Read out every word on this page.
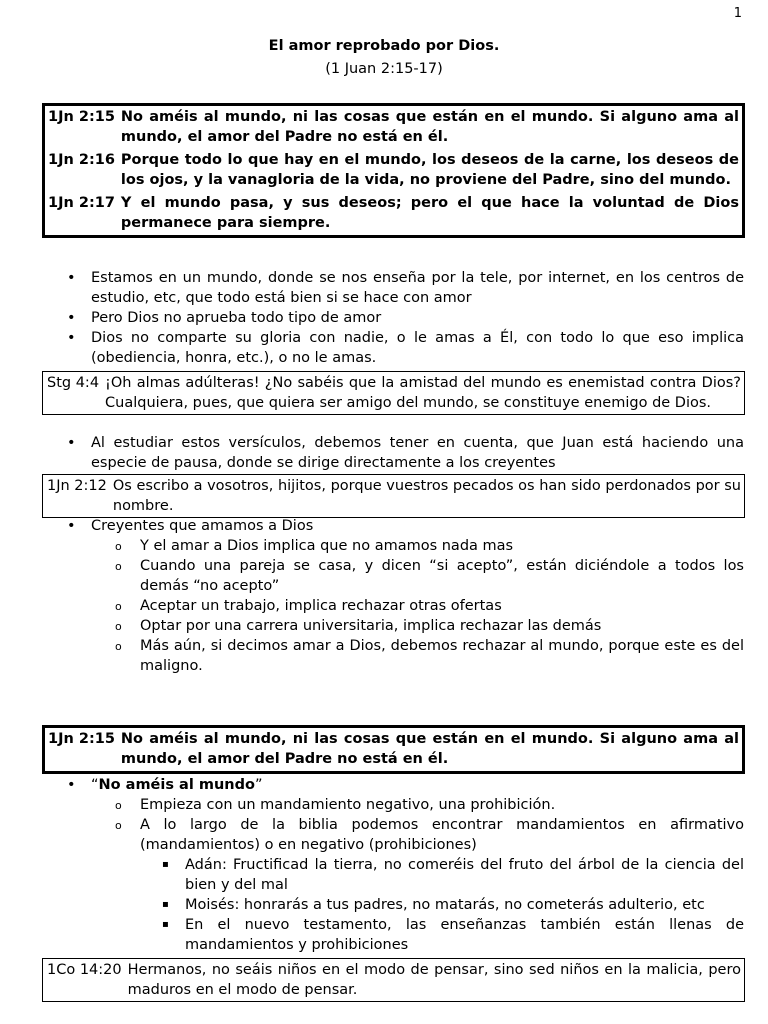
1
El amor reprobado por Dios.
(1 Juan 2:15-17)
1Jn 2:15 No améis al mundo, ni las cosas que están en el mundo. Si alguno ama al mundo, el amor del Padre no está en él.
1Jn 2:16 Porque todo lo que hay en el mundo, los deseos de la carne, los deseos de los ojos, y la vanagloria de la vida, no proviene del Padre, sino del mundo.
1Jn 2:17 Y el mundo pasa, y sus deseos; pero el que hace la voluntad de Dios permanece para siempre.
• Estamos en un mundo, donde se nos enseña por la tele, por internet, en los centros de estudio, etc, que todo está bien si se hace con amor
• Pero Dios no aprueba todo tipo de amor
• Dios no comparte su gloria con nadie, o le amas a Él, con todo lo que eso implica (obediencia, honra, etc.), o no le amas.
Stg 4:4 ¡Oh almas adúlteras! ¿No sabéis que la amistad del mundo es enemistad contra Dios? Cualquiera, pues, que quiera ser amigo del mundo, se constituye enemigo de Dios.
• Al estudiar estos versículos, debemos tener en cuenta, que Juan está haciendo una especie de pausa, donde se dirige directamente a los creyentes
1Jn 2:12 Os escribo a vosotros, hijitos, porque vuestros pecados os han sido perdonados por su nombre.
• Creyentes que amamos a Dios
o Y el amar a Dios implica que no amamos nada mas
o Cuando una pareja se casa, y dicen “si acepto”, están diciéndole a todos los demás “no acepto”
o Aceptar un trabajo, implica rechazar otras ofertas
o Optar por una carrera universitaria, implica rechazar las demás
o Más aún, si decimos amar a Dios, debemos rechazar al mundo, porque este es del maligno.
1Jn 2:15 No améis al mundo, ni las cosas que están en el mundo. Si alguno ama al mundo, el amor del Padre no está en él.
• “No améis al mundo”
o Empieza con un mandamiento negativo, una prohibición.
o A lo largo de la biblia podemos encontrar mandamientos en afirmativo (mandamientos) o en negativo (prohibiciones)
▪ Adán: Fructificad la tierra, no comeréis del fruto del árbol de la ciencia del bien y del mal
▪ Moisés: honrarás a tus padres, no matarás, no cometerás adulterio, etc
▪ En el nuevo testamento, las enseñanzas también están llenas de mandamientos y prohibiciones
1Co 14:20 Hermanos, no seáis niños en el modo de pensar, sino sed niños en la malicia, pero maduros en el modo de pensar.
